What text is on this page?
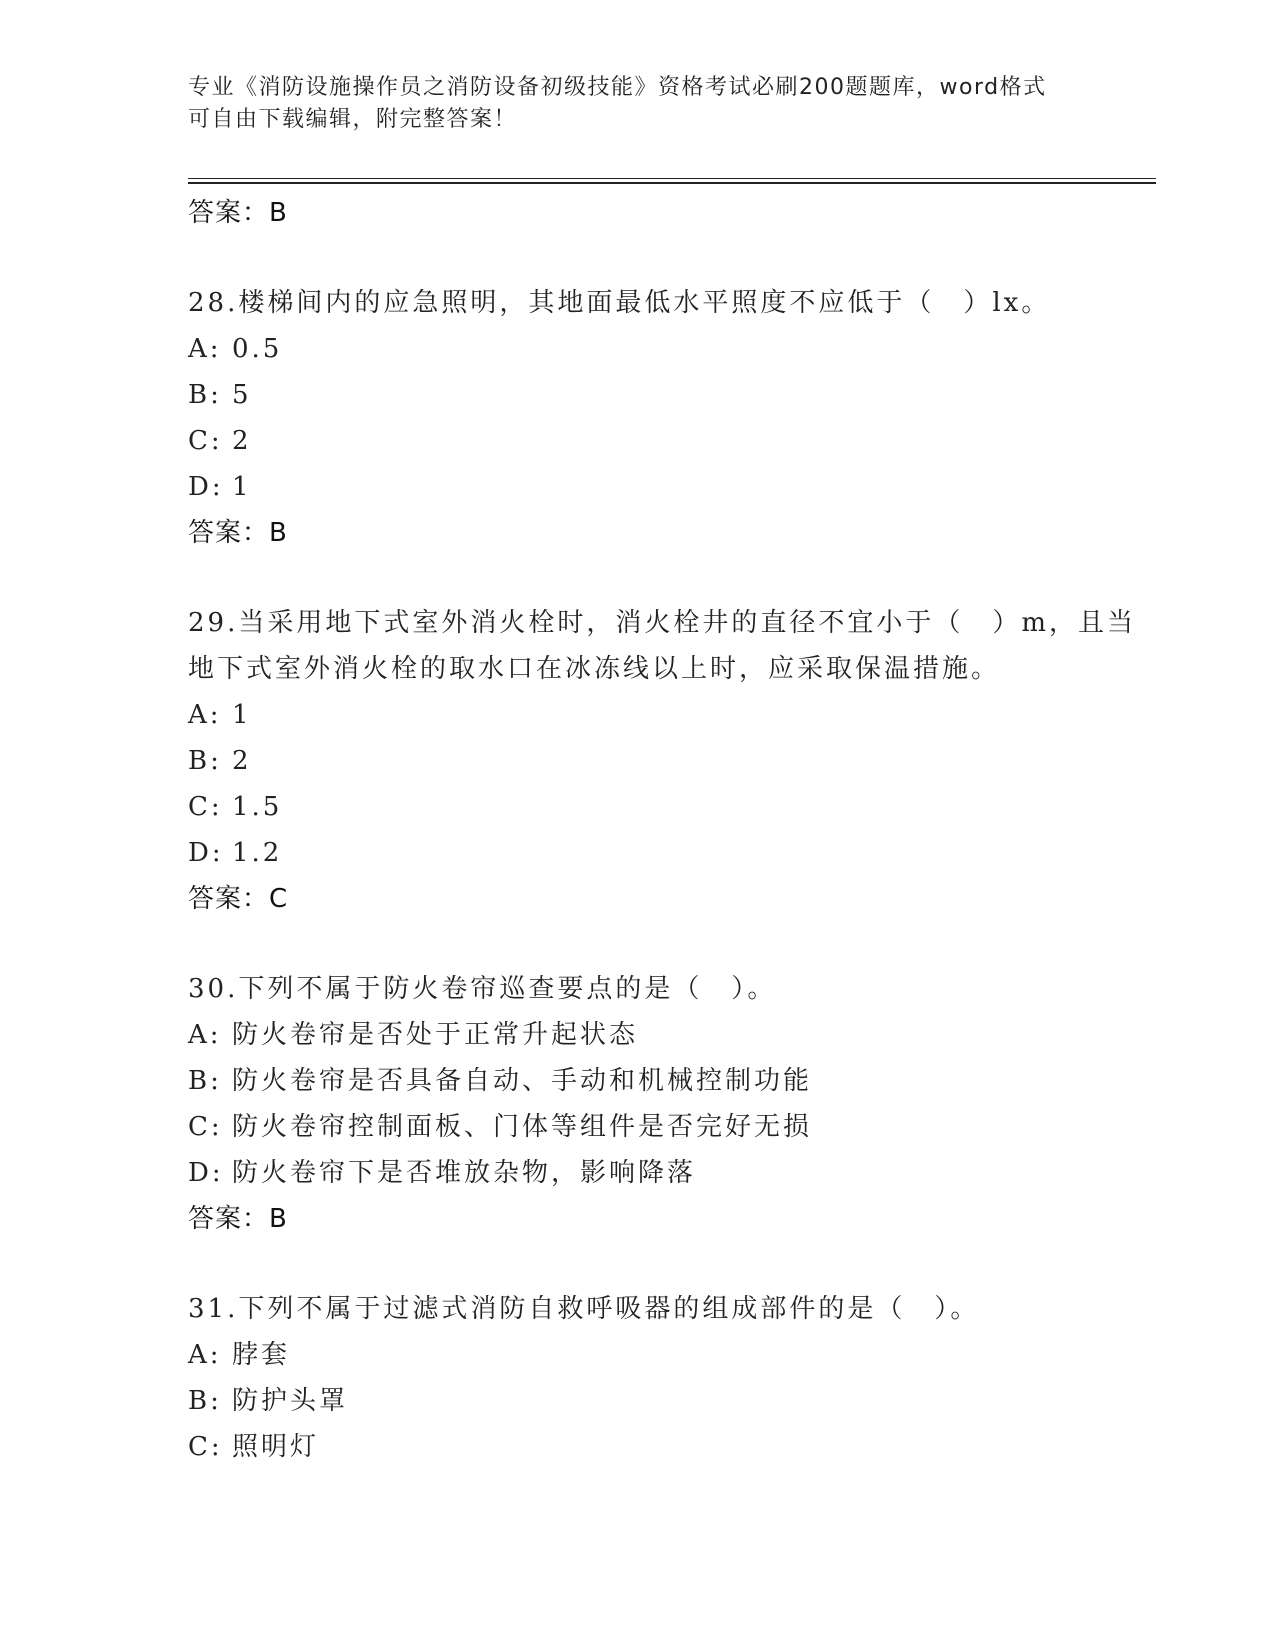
专业《消防设施操作员之消防设备初级技能》资格考试必刷200题题库，word格式可自由下载编辑，附完整答案！
答案：B
28.楼梯间内的应急照明，其地面最低水平照度不应低于（　）lx。
A: 0.5
B: 5
C: 2
D: 1
答案：B
29.当采用地下式室外消火栓时，消火栓井的直径不宜小于（　）m，且当地下式室外消火栓的取水口在冰冻线以上时，应采取保温措施。
A: 1
B: 2
C: 1.5
D: 1.2
答案：C
30.下列不属于防火卷帘巡查要点的是（　）。
A: 防火卷帘是否处于正常升起状态
B: 防火卷帘是否具备自动、手动和机械控制功能
C: 防火卷帘控制面板、门体等组件是否完好无损
D: 防火卷帘下是否堆放杂物，影响降落
答案：B
31.下列不属于过滤式消防自救呼吸器的组成部件的是（　）。
A: 脖套
B: 防护头罩
C: 照明灯
